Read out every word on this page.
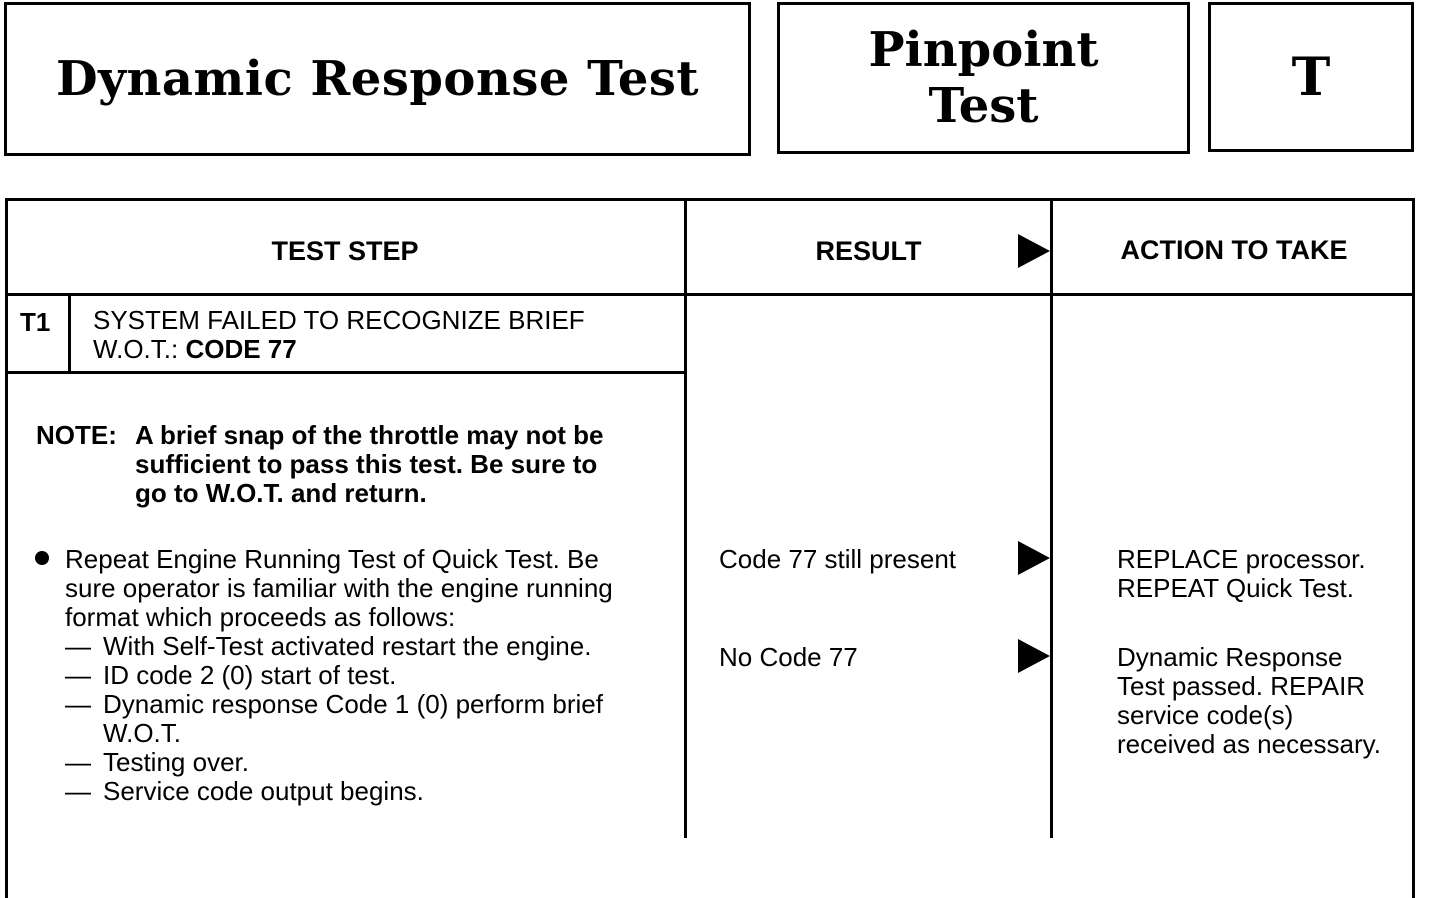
Dynamic Response Test
Pinpoint
Test	T
TEST STEP	RESULT	ACTION TO TAKE
T1 SYSTEM FAILED TO RECOGNIZE BRIEF
W.O.T.: CODE 77
NOTE: A brief snap of the throttle may not be
sufficient to pass this test. Be sure to
go to W.O.T. and return.
Repeat Engine Running Test of Quick Test. Be
sure operator is familiar with the engine running
format which proceeds as follows:
— With Self-Test activated restart the engine.
— ID code 2 (0) start of test.
— Dynamic response Code 1 (0) perform brief W.O.T.
— Testing over.
— Service code output begins.
Code 77 still present	REPLACE processor.
REPEAT Quick Test.
No Code 77	Dynamic Response
Test passed. REPAIR
service code(s)
received as necessary.
